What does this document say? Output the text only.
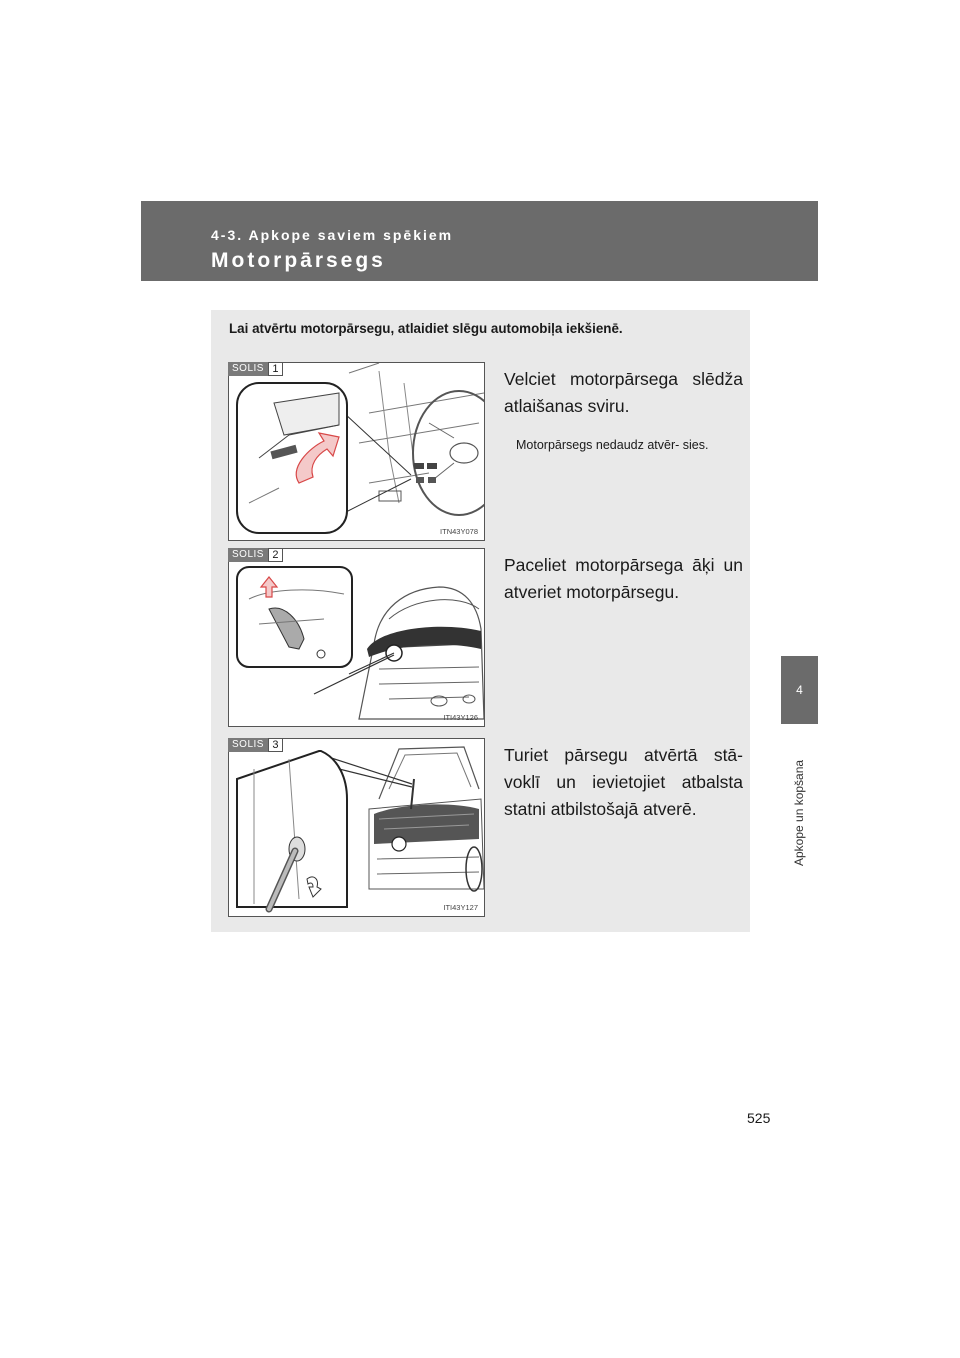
4-3. Apkope saviem spēkiem
Motorpārsegs
4
Apkope un kopšana
Lai atvērtu motorpārsegu, atlaidiet slēgu automobiļa iekšienē.
ITN43Y078
SOLIS 1	Velciet motorpārsega slēdža atlaišanas sviru.
Motorpārsegs nedaudz atvēr- sies.
ITI43Y126
SOLIS 2	Paceliet motorpārsega āķi un atveriet motorpārsegu.
ITI43Y127
SOLIS 3	Turiet pārsegu atvērtā stā- voklī un ievietojiet atbalsta statni atbilstošajā atverē.
525
